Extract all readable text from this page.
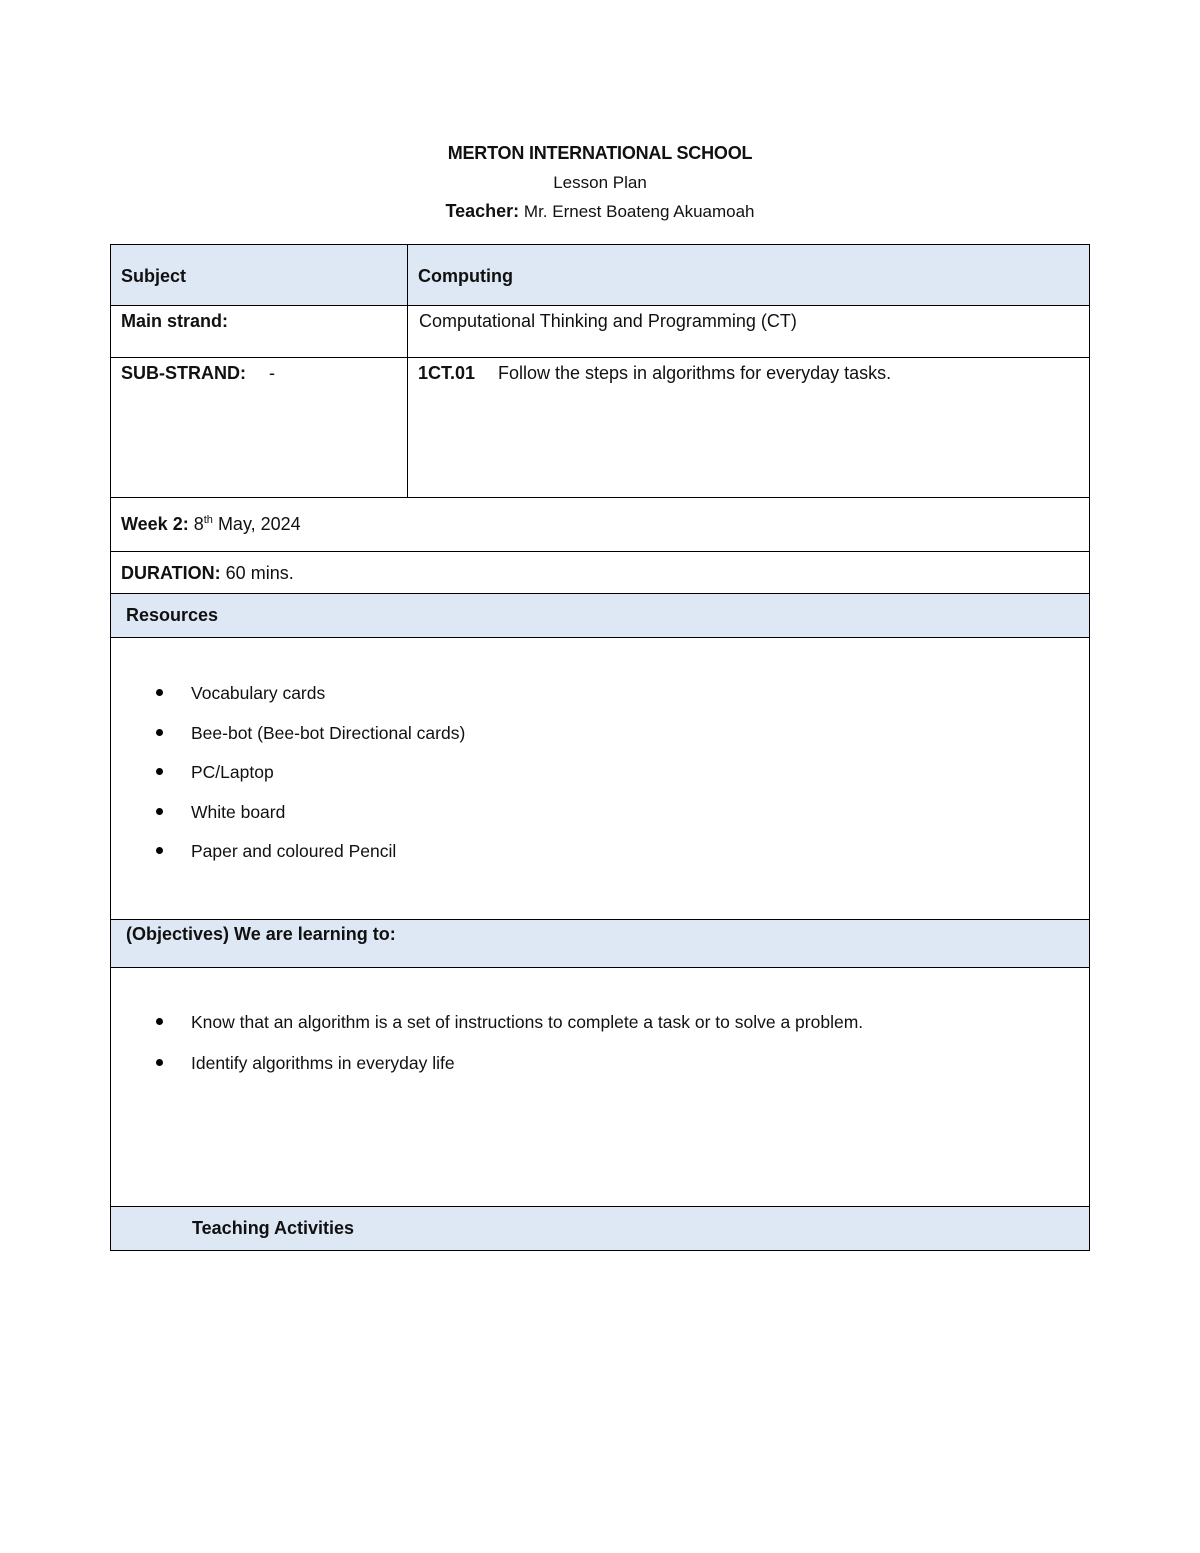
MERTON INTERNATIONAL SCHOOL
Lesson Plan
Teacher: Mr. Ernest Boateng Akuamoah
Subject	Computing
Main strand:	Computational Thinking and Programming (CT)
SUB-STRAND: -	1CT.01 Follow the steps in algorithms for everyday tasks.
Week 2: 8th May, 2024
DURATION: 60 mins.
Resources
Vocabulary cards
Bee-bot (Bee-bot Directional cards)
PC/Laptop
White board
Paper and coloured Pencil
(Objectives) We are learning to:
Know that an algorithm is a set of instructions to complete a task or to solve a problem.
Identify algorithms in everyday life
Teaching Activities
